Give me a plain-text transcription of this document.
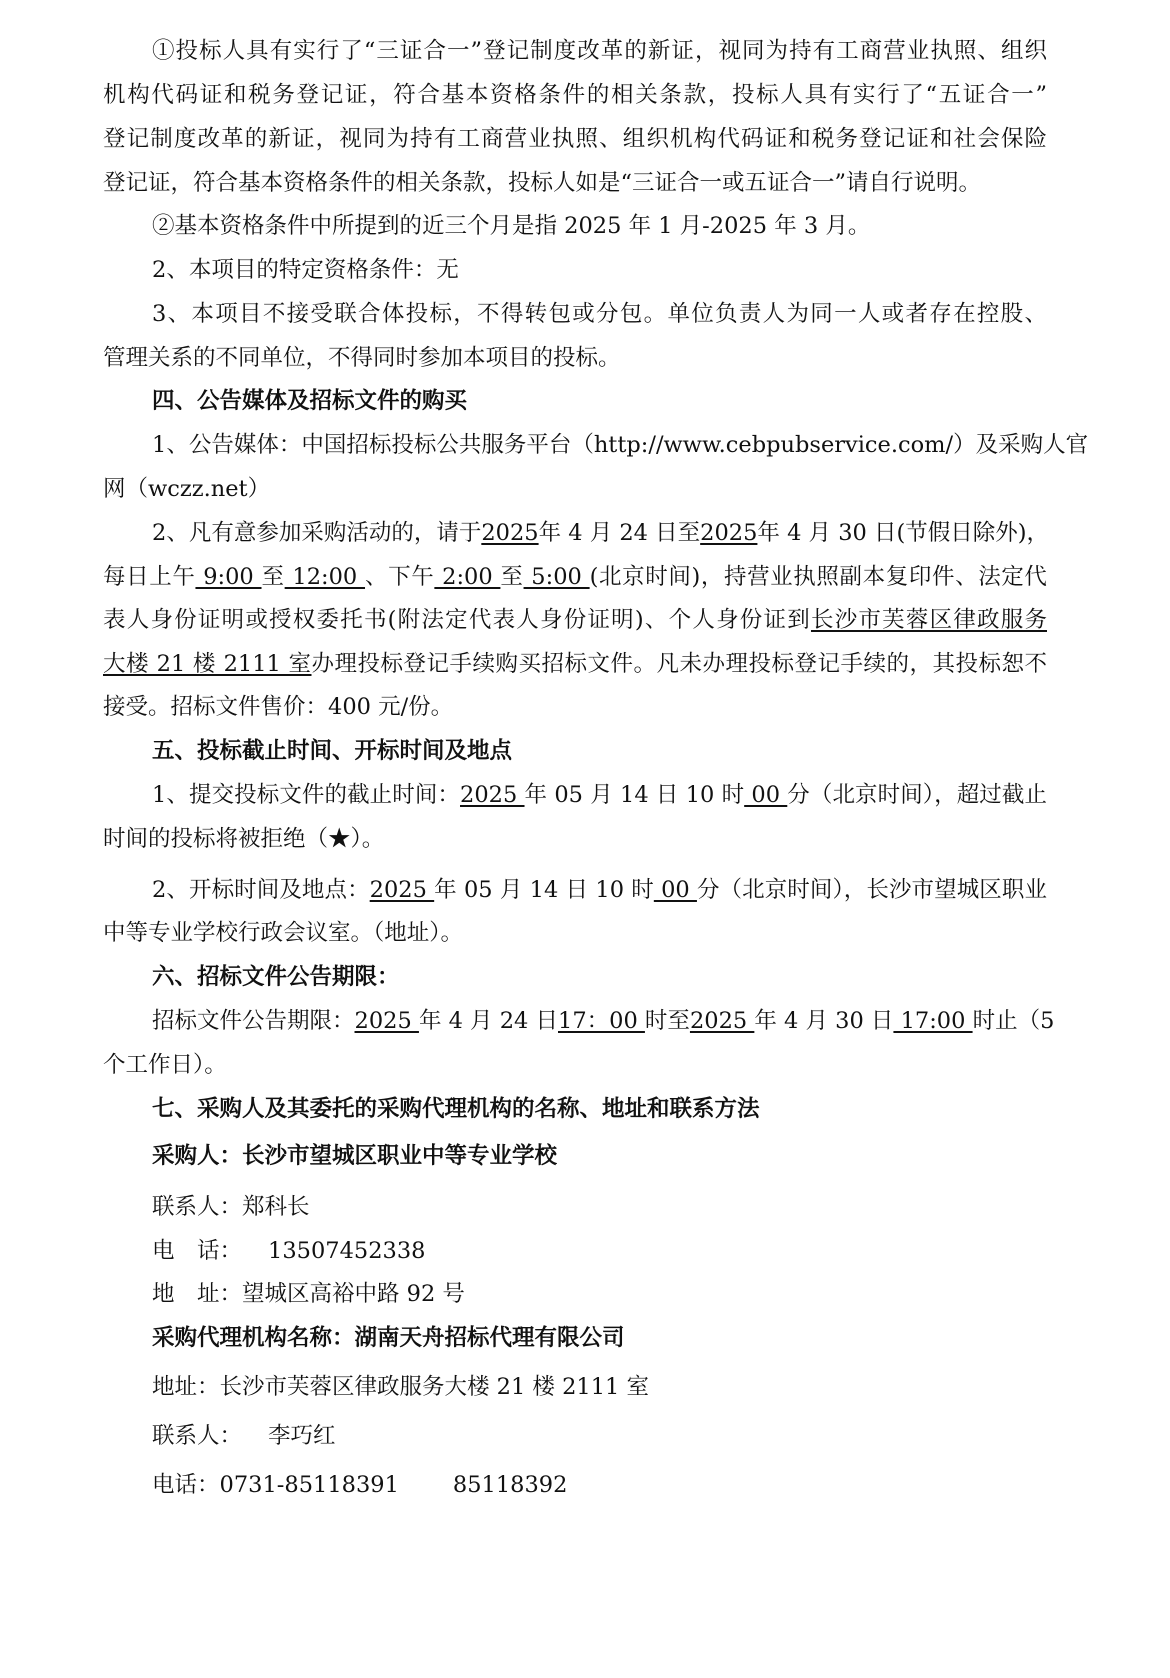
①投标人具有实行了“三证合一”登记制度改革的新证，视同为持有工商营业执照、组织
机构代码证和税务登记证，符合基本资格条件的相关条款，投标人具有实行了“五证合一”
登记制度改革的新证，视同为持有工商营业执照、组织机构代码证和税务登记证和社会保险
登记证，符合基本资格条件的相关条款，投标人如是“三证合一或五证合一”请自行说明。
②基本资格条件中所提到的近三个月是指 2025 年 1 月-2025 年 3 月。
2、本项目的特定资格条件：无
3、本项目不接受联合体投标，不得转包或分包。单位负责人为同一人或者存在控股、
管理关系的不同单位，不得同时参加本项目的投标。
四、公告媒体及招标文件的购买
1、公告媒体：中国招标投标公共服务平台（http://www.cebpubservice.com/）及采购人官
网（wczz.net）
2、凡有意参加采购活动的，请于2025年 4 月 24 日至2025年 4 月 30 日(节假日除外)，
每日上午 9:00 至 12:00 、下午 2:00 至 5:00 (北京时间)，持营业执照副本复印件、法定代
表人身份证明或授权委托书(附法定代表人身份证明)、个人身份证到长沙市芙蓉区律政服务
大楼 21 楼 2111 室办理投标登记手续购买招标文件。凡未办理投标登记手续的，其投标恕不
接受。招标文件售价：400 元/份。
五、投标截止时间、开标时间及地点
1、提交投标文件的截止时间：2025 年 05 月 14 日 10 时 00 分（北京时间），超过截止
时间的投标将被拒绝（★）。
2、开标时间及地点：2025 年 05 月 14 日 10 时 00 分（北京时间），长沙市望城区职业
中等专业学校行政会议室。（地址）。
六、招标文件公告期限：
招标文件公告期限：2025 年 4 月 24 日17：00 时至2025 年 4 月 30 日 17:00 时止（5
个工作日）。
七、采购人及其委托的采购代理机构的名称、地址和联系方法
采购人：长沙市望城区职业中等专业学校
联系人：郑科长
电　话： 13507452338
地　址：望城区高裕中路 92 号
采购代理机构名称：湖南天舟招标代理有限公司
地址：长沙市芙蓉区律政服务大楼 21 楼 2111 室
联系人： 李巧红
电话：0731-85118391 85118392
